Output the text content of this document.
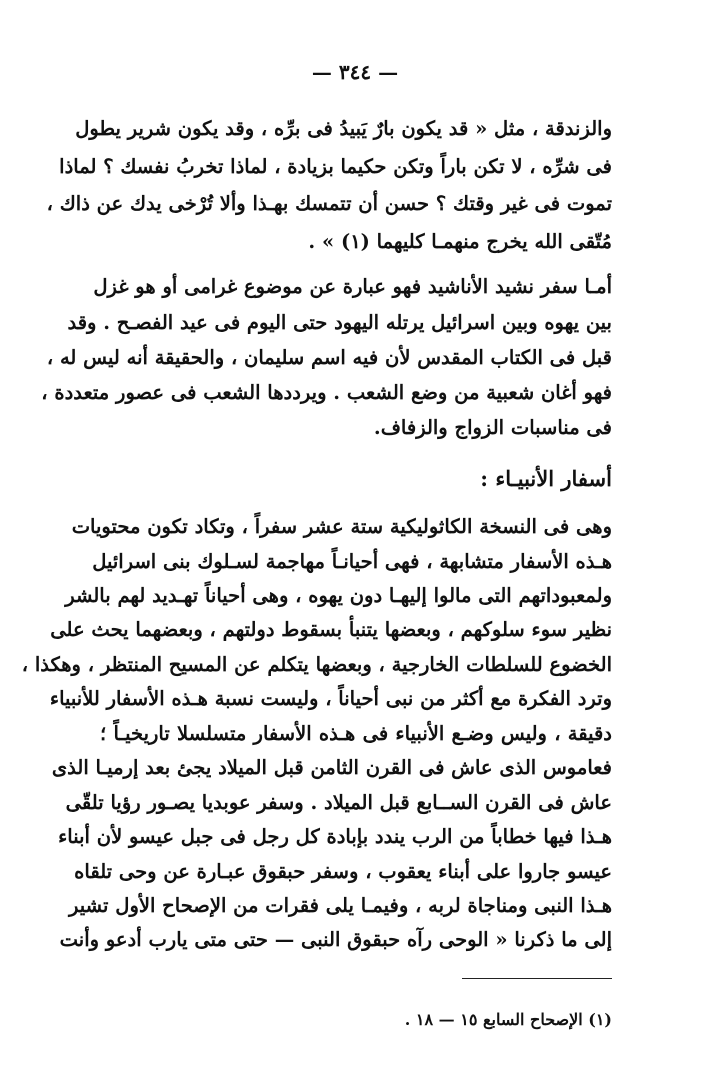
— ٣٤٤ —
والزندقة ، مثل « قد يكون بارٌ يَبيدُ فى برِّه ، وقد يكون شرير يطول
فى شرِّه ، لا تكن باراً وتكن حكيما بزيادة ، لماذا تخربُ نفسك ؟ لماذا
تموت فى غير وقتك ؟ حسن أن تتمسك بهـذا وألا تُرْخى يدك عن ذاك ،
مُتّقى الله يخرج منهمـا كليهما (١) » .
أمـا سفر نشيد الأناشيد فهو عبارة عن موضوع غرامى أو هو غزل
بين يهوه وبين اسرائيل يرتله اليهود حتى اليوم فى عيد الفصـح . وقد
قبل فى الكتاب المقدس لأن فيه اسم سليمان ، والحقيقة أنه ليس له ،
فهو أغان شعبية من وضع الشعب . ويرددها الشعب فى عصور متعددة ،
فى مناسبات الزواج والزفاف.
أسفار الأنبيـاء :
وهى فى النسخة الكاثوليكية ستة عشر سفراً ، وتكاد تكون محتويات
هـذه الأسفار متشابهة ، فهى أحيانـاً مهاجمة لسـلوك بنى اسرائيل
ولمعبوداتهم التى مالوا إليهـا دون يهوه ، وهى أحياناً تهـديد لهم بالشر
نظير سوء سلوكهم ، وبعضها يتنبأ بسقوط دولتهم ، وبعضهما يحث على
الخضوع للسلطات الخارجية ، وبعضها يتكلم عن المسيح المنتظر ، وهكذا ،
وترد الفكرة مع أكثر من نبى أحياناً ، وليست نسبة هـذه الأسفار للأنبياء
دقيقة ، وليس وضـع الأنبياء فى هـذه الأسفار متسلسلا تاريخيـاً ؛
فعاموس الذى عاش فى القرن الثامن قبل الميلاد يجئ بعد إرميـا الذى
عاش فى القرن الســابع قبل الميلاد . وسفر عوبديا يصـور رؤيا تلقّى
هـذا فيها خطاباً من الرب يندد بإبادة كل رجل فى جبل عيسو لأن أبناء
عيسو جاروا على أبناء يعقوب ، وسفر حبقوق عبـارة عن وحى تلقاه
هـذا النبى ومناجاة لربه ، وفيمـا يلى فقرات من الإصحاح الأول تشير
إلى ما ذكرنا « الوحى رآه حبقوق النبى — حتى متى يارب أدعو وأنت
(١) الإصحاح السابع ١٥ — ١٨ .
